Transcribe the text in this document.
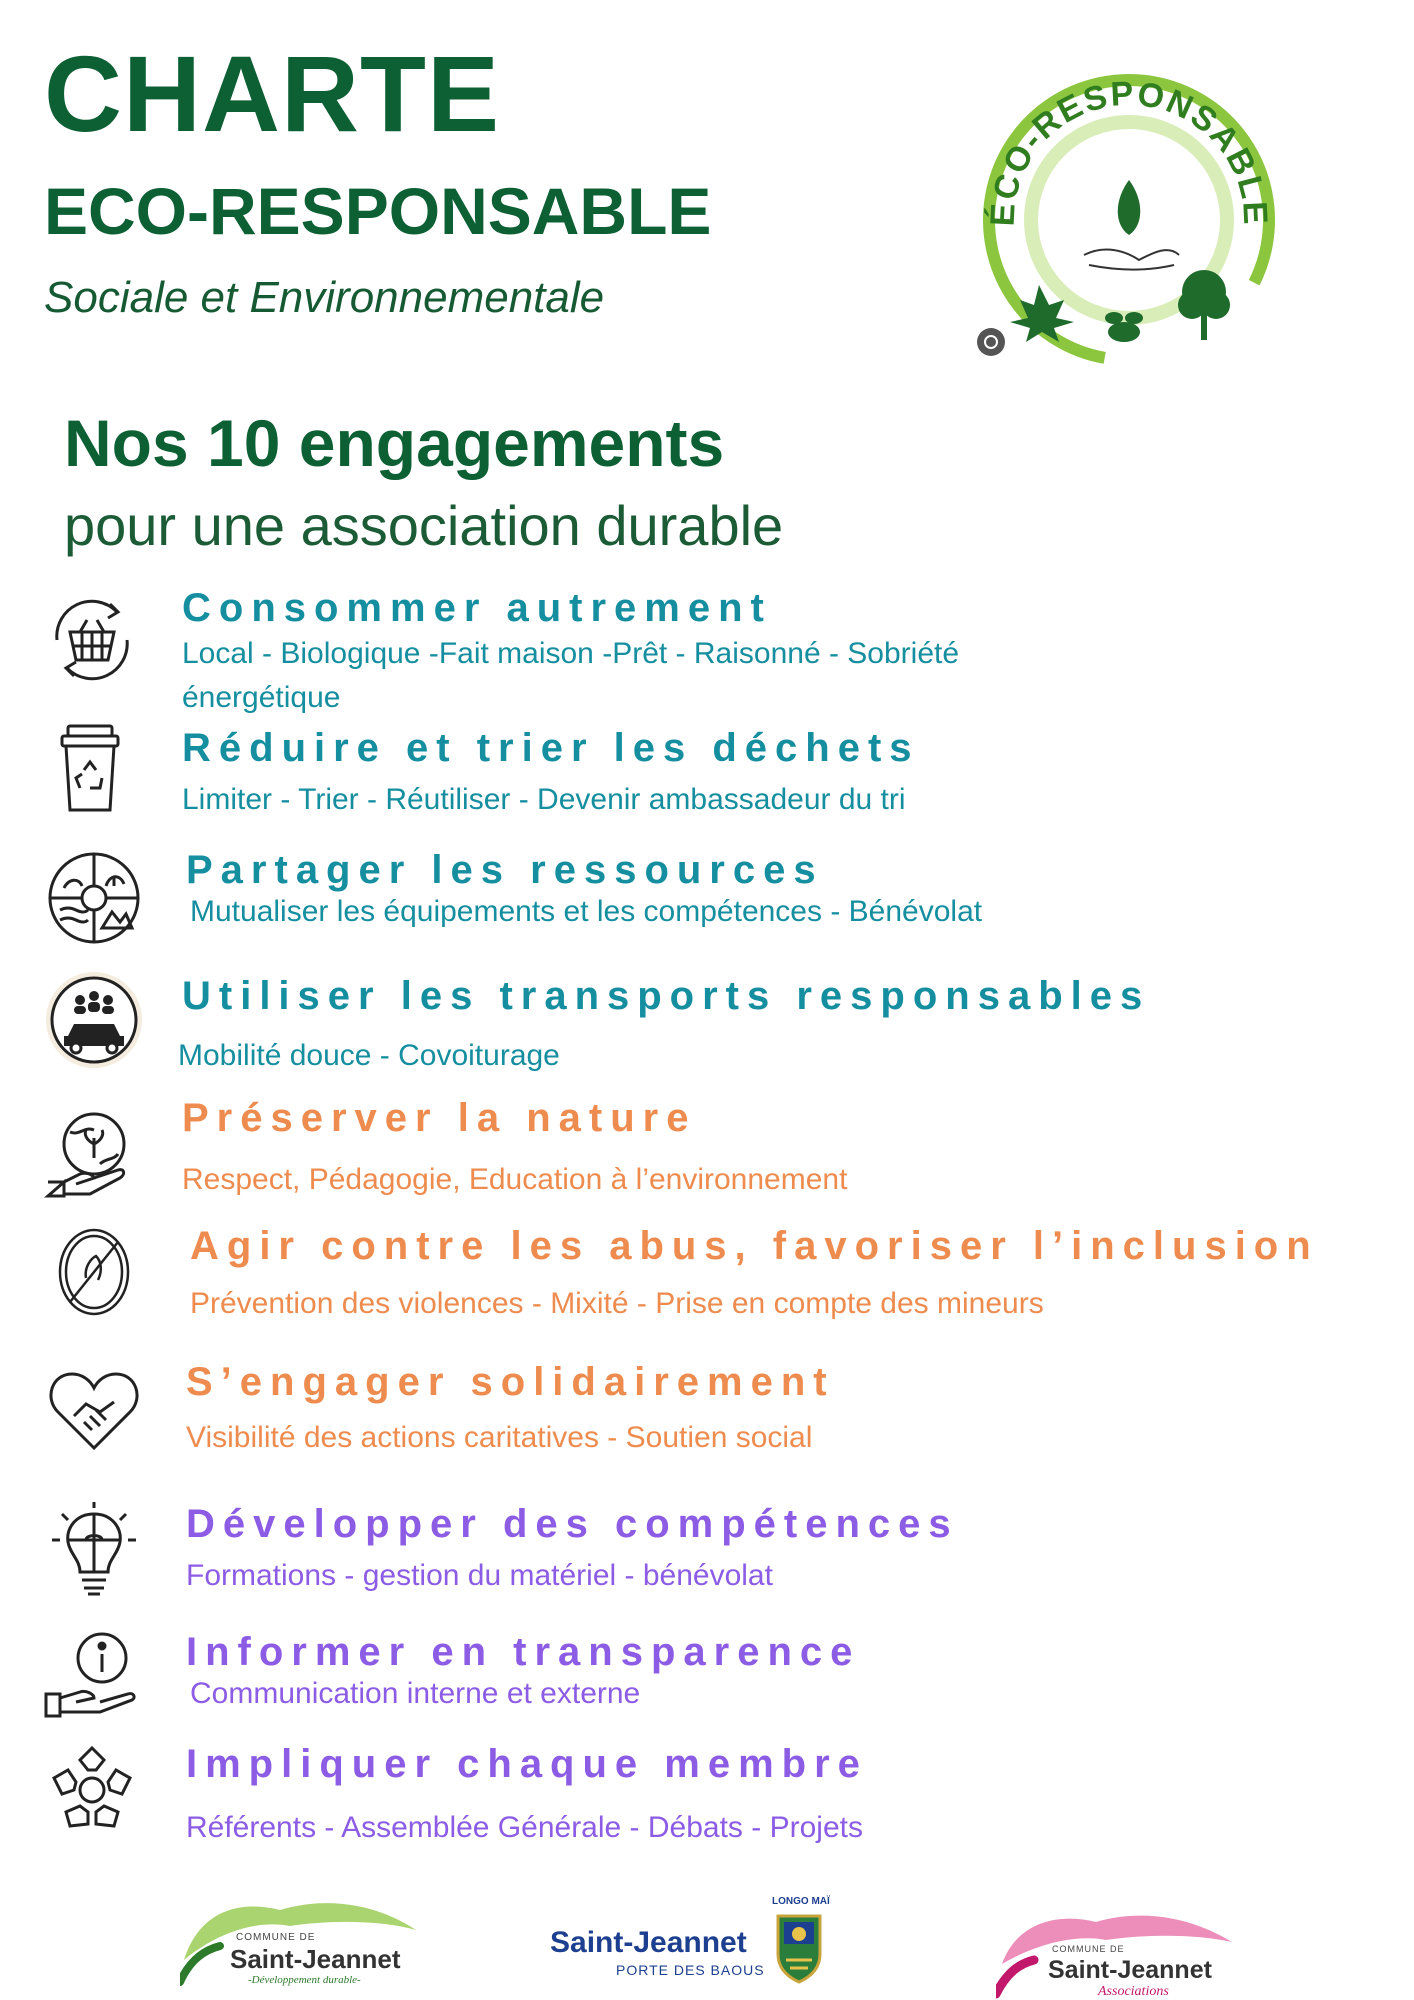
CHARTE
ECO-RESPONSABLE
Sociale et Environnementale
ÉCO-RESPONSABLE
Nos 10 engagements
pour une association durable
Consommer autrement
Local - Biologique -Fait maison -Prêt - Raisonné - Sobriété
énergétique
Réduire et trier les déchets
Limiter - Trier - Réutiliser - Devenir ambassadeur du tri
Partager les ressources
Mutualiser les équipements et les compétences - Bénévolat
Utiliser les transports responsables
Mobilité douce - Covoiturage
Préserver la nature
Respect, Pédagogie, Education à l’environnement
Agir contre les abus, favoriser l’inclusion
Prévention des violences - Mixité - Prise en compte des mineurs
S’engager solidairement
Visibilité des actions caritatives - Soutien social
Développer des compétences
Formations - gestion du matériel - bénévolat
Informer en transparence
Communication interne et externe
Impliquer chaque membre
Référents - Assemblée Générale - Débats - Projets
COMMUNE DE
Saint-Jeannet
-Développement durable-
Saint-Jeannet
PORTE DES BAOUS
LONGO MAÏ
COMMUNE DE
Saint-Jeannet
Associations
